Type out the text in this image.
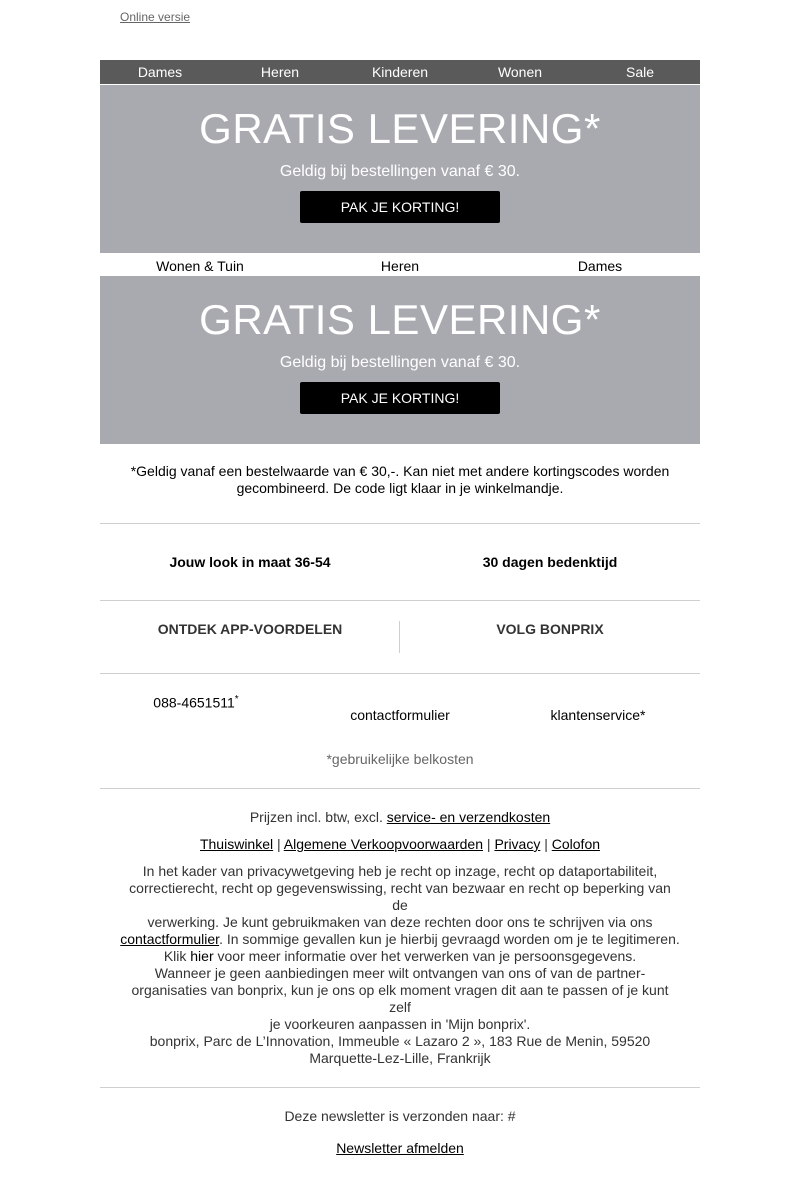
Online versie
Dames	Heren	Kinderen	Wonen	Sale
GRATIS LEVERING*
Geldig bij bestellingen vanaf € 30.
PAK JE KORTING!
Wonen & Tuin	Heren	Dames
GRATIS LEVERING*
Geldig bij bestellingen vanaf € 30.
PAK JE KORTING!
*Geldig vanaf een bestelwaarde van € 30,-. Kan niet met andere kortingscodes worden
gecombineerd. De code ligt klaar in je winkelmandje.
Jouw look in maat 36-54	30 dagen bedenktijd
ONTDEK APP-VOORDELEN	VOLG BONPRIX
088-4651511*
contactformulier	klantenservice*
*gebruikelijke belkosten
Prijzen incl. btw, excl. service- en verzendkosten
Thuiswinkel | Algemene Verkoopvoorwaarden | Privacy | Colofon
In het kader van privacywetgeving heb je recht op inzage, recht op dataportabiliteit,
correctierecht, recht op gegevenswissing, recht van bezwaar en recht op beperking van de
verwerking. Je kunt gebruikmaken van deze rechten door ons te schrijven via ons
contactformulier. In sommige gevallen kun je hierbij gevraagd worden om je te legitimeren.
Klik hier voor meer informatie over het verwerken van je persoonsgegevens.
Wanneer je geen aanbiedingen meer wilt ontvangen van ons of van de partner-
organisaties van bonprix, kun je ons op elk moment vragen dit aan te passen of je kunt zelf
je voorkeuren aanpassen in 'Mijn bonprix'.
bonprix, Parc de L’Innovation, Immeuble « Lazaro 2 », 183 Rue de Menin, 59520
Marquette-Lez-Lille, Frankrijk
Deze newsletter is verzonden naar: #
Newsletter afmelden
